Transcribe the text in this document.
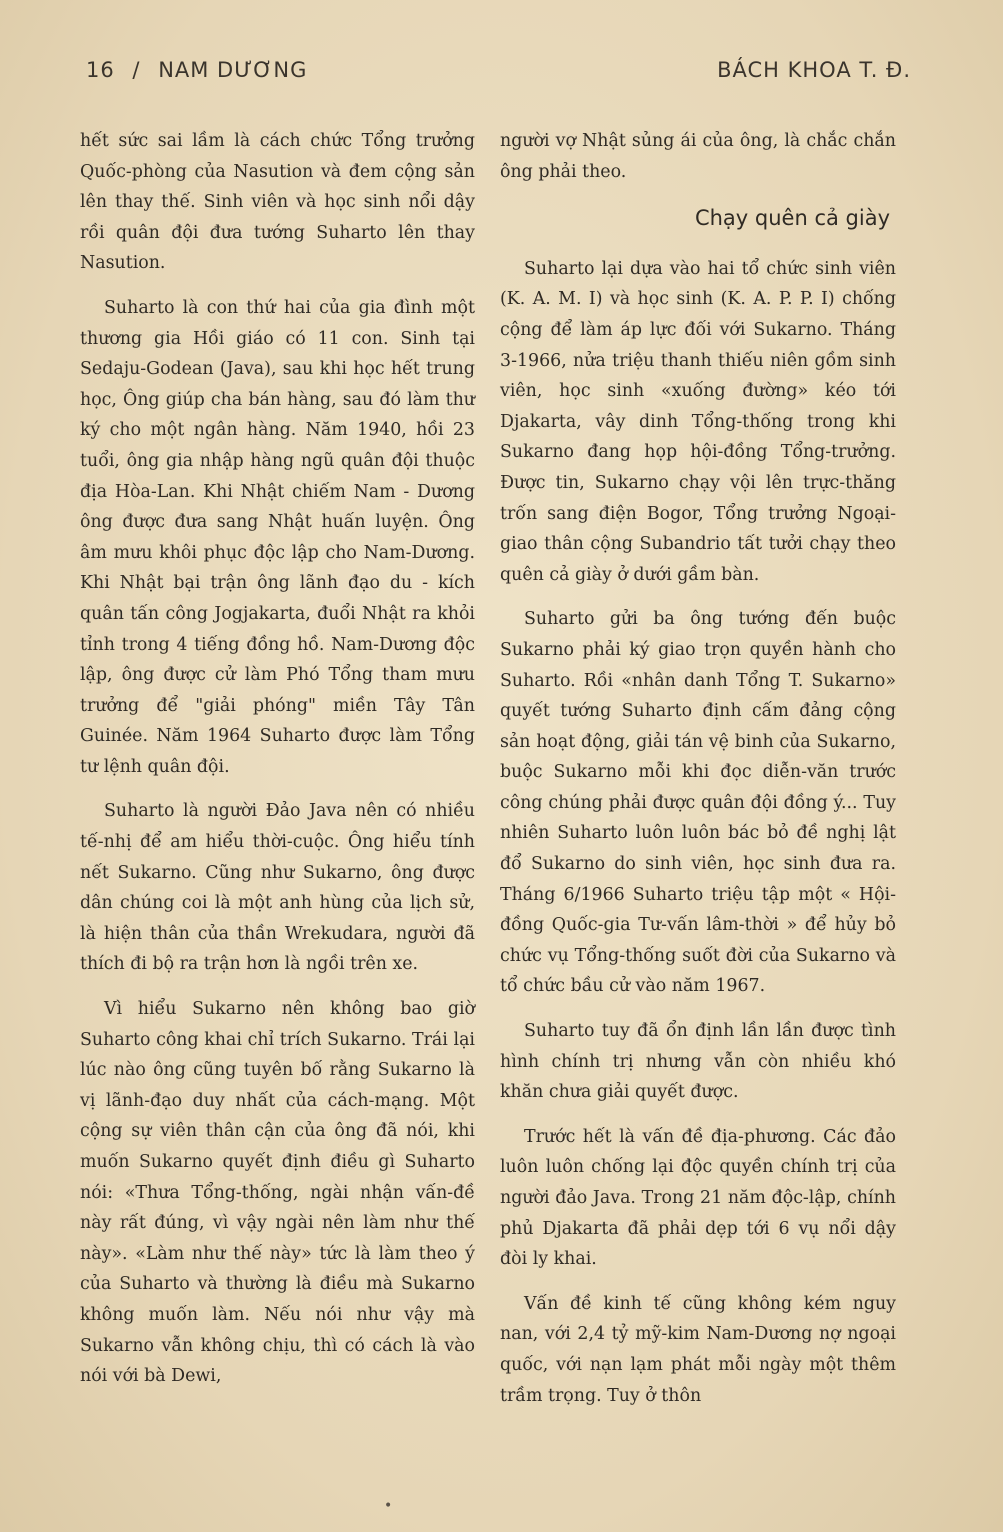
16 / NAM DƯƠNG	BÁCH KHOA T. Đ.

hết sức sai lầm là cách chức Tổng trưởng Quốc-phòng của Nasution và đem cộng sản lên thay thế. Sinh viên và học sinh nổi dậy rồi quân đội đưa tướng Suharto lên thay Nasution.

Suharto là con thứ hai của gia đình một thương gia Hồi giáo có 11 con. Sinh tại Sedaju-Godean (Java), sau khi học hết trung học, Ông giúp cha bán hàng, sau đó làm thư ký cho một ngân hàng. Năm 1940, hồi 23 tuổi, ông gia nhập hàng ngũ quân đội thuộc địa Hòa-Lan. Khi Nhật chiếm Nam - Dương ông được đưa sang Nhật huấn luyện. Ông âm mưu khôi phục độc lập cho Nam-Dương. Khi Nhật bại trận ông lãnh đạo du - kích quân tấn công Jogjakarta, đuổi Nhật ra khỏi tỉnh trong 4 tiếng đồng hồ. Nam-Dương độc lập, ông được cử làm Phó Tổng tham mưu trưởng để "giải phóng" miền Tây Tân Guinée. Năm 1964 Suharto được làm Tổng tư lệnh quân đội.

Suharto là người Đảo Java nên có nhiều tế-nhị để am hiểu thời-cuộc. Ông hiểu tính nết Sukarno. Cũng như Sukarno, ông được dân chúng coi là một anh hùng của lịch sử, là hiện thân của thần Wrekudara, người đã thích đi bộ ra trận hơn là ngồi trên xe.

Vì hiểu Sukarno nên không bao giờ Suharto công khai chỉ trích Sukarno. Trái lại lúc nào ông cũng tuyên bố rằng Sukarno là vị lãnh-đạo duy nhất của cách-mạng. Một cộng sự viên thân cận của ông đã nói, khi muốn Sukarno quyết định điều gì Suharto nói: «Thưa Tổng-thống, ngài nhận vấn-đề này rất đúng, vì vậy ngài nên làm như thế này». «Làm như thế này» tức là làm theo ý của Suharto và thường là điều mà Sukarno không muốn làm. Nếu nói như vậy mà Sukarno vẫn không chịu, thì có cách là vào nói với bà Dewi,

người vợ Nhật sủng ái của ông, là chắc chắn ông phải theo.

Chạy quên cả giày

Suharto lại dựa vào hai tổ chức sinh viên (K. A. M. I) và học sinh (K. A. P. P. I) chống cộng để làm áp lực đối với Sukarno. Tháng 3-1966, nửa triệu thanh thiếu niên gồm sinh viên, học sinh «xuống đường» kéo tới Djakarta, vây dinh Tổng-thống trong khi Sukarno đang họp hội-đồng Tổng-trưởng. Được tin, Sukarno chạy vội lên trực-thăng trốn sang điện Bogor, Tổng trưởng Ngoại-giao thân cộng Subandrio tất tưởi chạy theo quên cả giày ở dưới gầm bàn.

Suharto gửi ba ông tướng đến buộc Sukarno phải ký giao trọn quyền hành cho Suharto. Rồi «nhân danh Tổng T. Sukarno» quyết tướng Suharto định cấm đảng cộng sản hoạt động, giải tán vệ binh của Sukarno, buộc Sukarno mỗi khi đọc diễn-văn trước công chúng phải được quân đội đồng ý... Tuy nhiên Suharto luôn luôn bác bỏ đề nghị lật đổ Sukarno do sinh viên, học sinh đưa ra. Tháng 6/1966 Suharto triệu tập một « Hội-đồng Quốc-gia Tư-vấn lâm-thời » để hủy bỏ chức vụ Tổng-thống suốt đời của Sukarno và tổ chức bầu cử vào năm 1967.

Suharto tuy đã ổn định lần lần được tình hình chính trị nhưng vẫn còn nhiều khó khăn chưa giải quyết được.

Trước hết là vấn đề địa-phương. Các đảo luôn luôn chống lại độc quyền chính trị của người đảo Java. Trong 21 năm độc-lập, chính phủ Djakarta đã phải dẹp tới 6 vụ nổi dậy đòi ly khai.

Vấn đề kinh tế cũng không kém nguy nan, với 2,4 tỷ mỹ-kim Nam-Dương nợ ngoại quốc, với nạn lạm phát mỗi ngày một thêm trầm trọng. Tuy ở thôn

•
